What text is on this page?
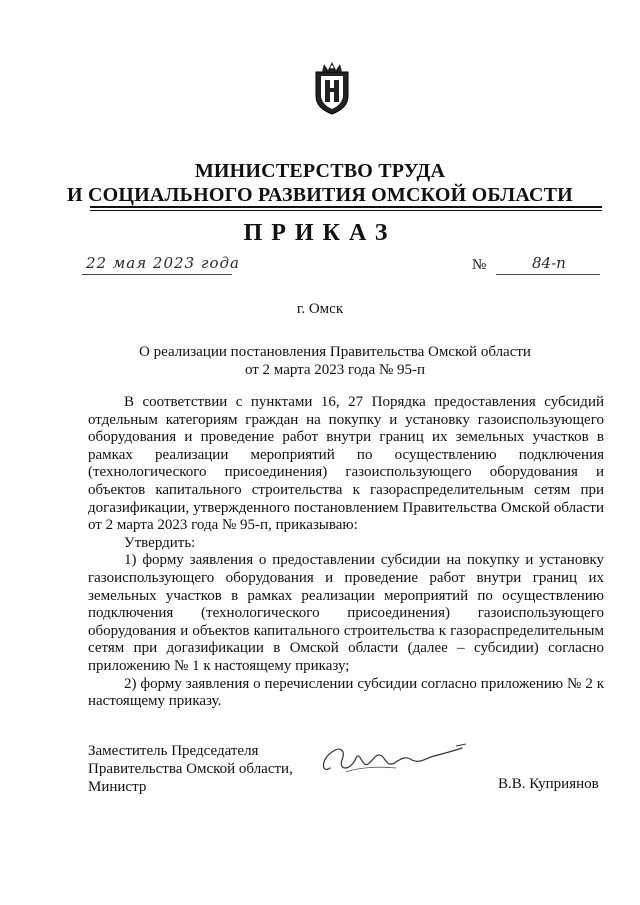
МИНИСТЕРСТВО ТРУДА
И СОЦИАЛЬНОГО РАЗВИТИЯ ОМСКОЙ ОБЛАСТИ
ПРИКАЗ
22 мая 2023 года	№	84-п
г. Омск
О реализации постановления Правительства Омской области
от 2 марта 2023 года № 95-п

В соответствии с пунктами 16, 27 Порядка предоставления субсидий отдельным категориям граждан на покупку и установку газоиспользующего оборудования и проведение работ внутри границ их земельных участков в рамках реализации мероприятий по осуществлению подключения (технологического присоединения) газоиспользующего оборудования и объектов капитального строительства к газораспределительным сетям при догазификации, утвержденного постановлением Правительства Омской области от 2 марта 2023 года № 95-п, приказываю:

Утвердить:

1) форму заявления о предоставлении субсидии на покупку и установку газоиспользующего оборудования и проведение работ внутри границ их земельных участков в рамках реализации мероприятий по осуществлению подключения (технологического присоединения) газоиспользующего оборудования и объектов капитального строительства к газораспределительным сетям при догазификации в Омской области (далее – субсидии) согласно приложению № 1 к настоящему приказу;

2) форму заявления о перечислении субсидии согласно приложению № 2 к настоящему приказу.

Заместитель Председателя
Правительства Омской области,
Министр	В.В. Куприянов
